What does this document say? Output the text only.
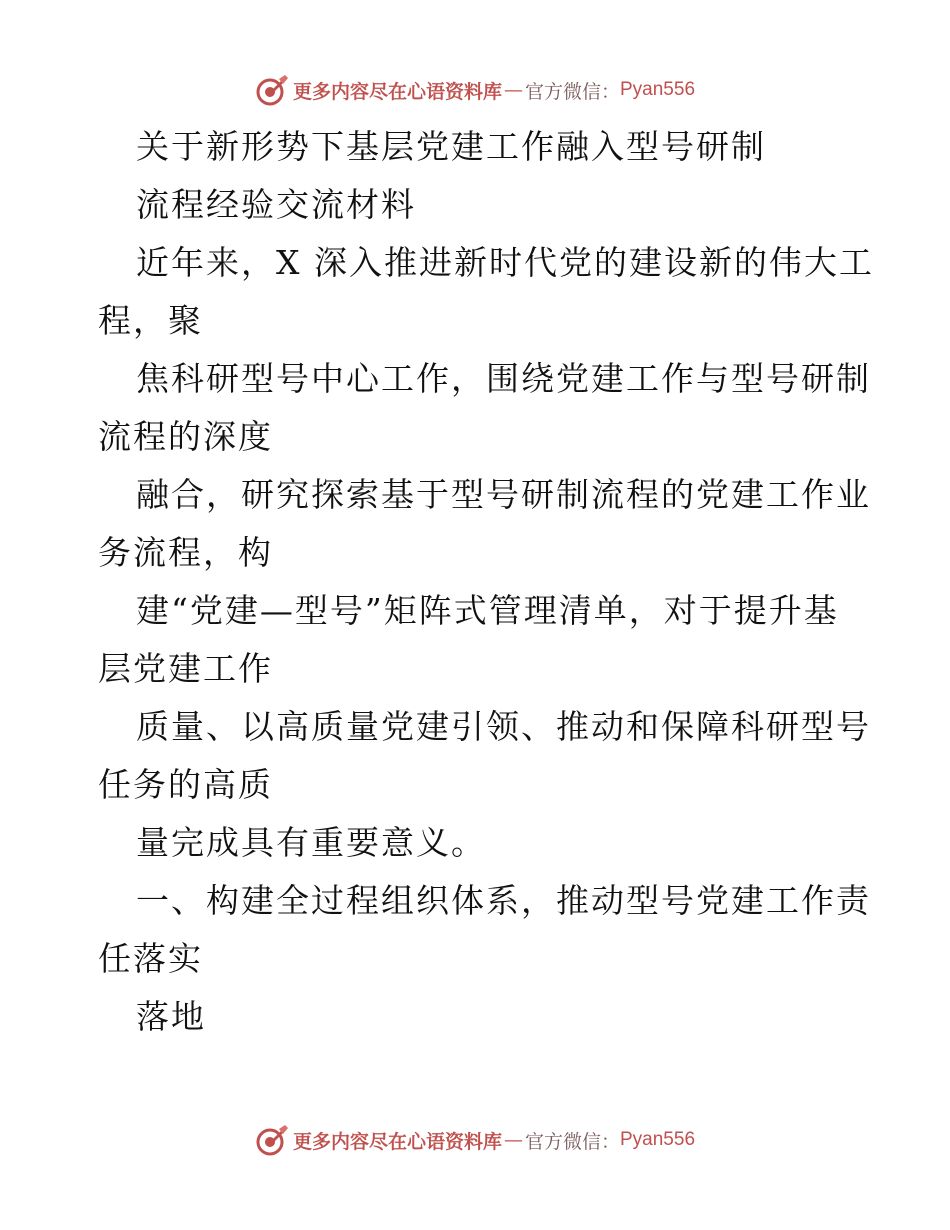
更多内容尽在心语资料库 — 官方微信： Pyan556
关于新形势下基层党建工作融入型号研制
流程经验交流材料
近年来，X 深入推进新时代党的建设新的伟大工
程，聚
焦科研型号中心工作，围绕党建工作与型号研制
流程的深度
融合，研究探索基于型号研制流程的党建工作业
务流程，构
建“党建—型号”矩阵式管理清单，对于提升基
层党建工作
质量、以高质量党建引领、推动和保障科研型号
任务的高质
量完成具有重要意义。
一、构建全过程组织体系，推动型号党建工作责
任落实
落地
更多内容尽在心语资料库 — 官方微信： Pyan556
